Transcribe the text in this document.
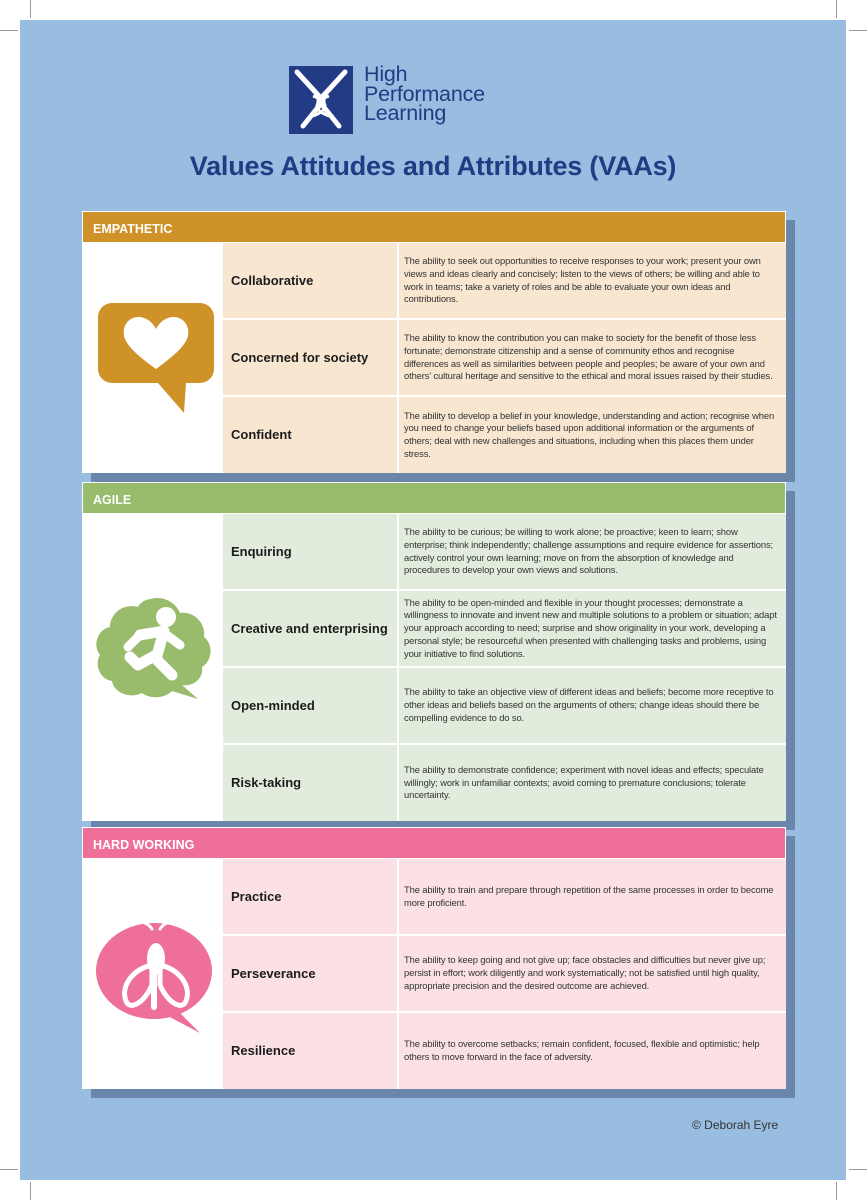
High
Performance
Learning
Values Attitudes and Attributes (VAAs)
EMPATHETIC
Collaborative
The ability to seek out opportunities to receive responses to your work; present your own views and ideas clearly and concisely; listen to the views of others; be willing and able to work in teams; take a variety of roles and be able to evaluate your own ideas and contributions.
Concerned for society
The ability to know the contribution you can make to society for the benefit of those less fortunate; demonstrate citizenship and a sense of community ethos and recognise differences as well as similarities between people and peoples; be aware of your own and others' cultural heritage and sensitive to the ethical and moral issues raised by their studies.
Confident
The ability to develop a belief in your knowledge, understanding and action; recognise when you need to change your beliefs based upon additional information or the arguments of others; deal with new challenges and situations, including when this places them under stress.
AGILE
Enquiring
The ability to be curious; be willing to work alone; be proactive; keen to learn; show enterprise; think independently; challenge assumptions and require evidence for assertions; actively control your own learning; move on from the absorption of knowledge and procedures to develop your own views and solutions.
Creative and enterprising
The ability to be open-minded and flexible in your thought processes; demonstrate a willingness to innovate and invent new and multiple solutions to a problem or situation; adapt your approach according to need; surprise and show originality in your work, developing a personal style; be resourceful when presented with challenging tasks and problems, using your initiative to find solutions.
Open-minded
The ability to take an objective view of different ideas and beliefs; become more receptive to other ideas and beliefs based on the arguments of others; change ideas should there be compelling evidence to do so.
Risk-taking
The ability to demonstrate confidence; experiment with novel ideas and effects; speculate willingly; work in unfamiliar contexts; avoid coming to premature conclusions; tolerate uncertainty.
HARD WORKING
Practice	The ability to train and prepare through repetition of the same processes in order to become more proficient.
Perseverance
The ability to keep going and not give up; face obstacles and difficulties but never give up; persist in effort; work diligently and work systematically; not be satisfied until high quality, appropriate precision and the desired outcome are achieved.
Resilience	The ability to overcome setbacks; remain confident, focused, flexible and optimistic; help others to move forward in the face of adversity.
© Deborah Eyre
